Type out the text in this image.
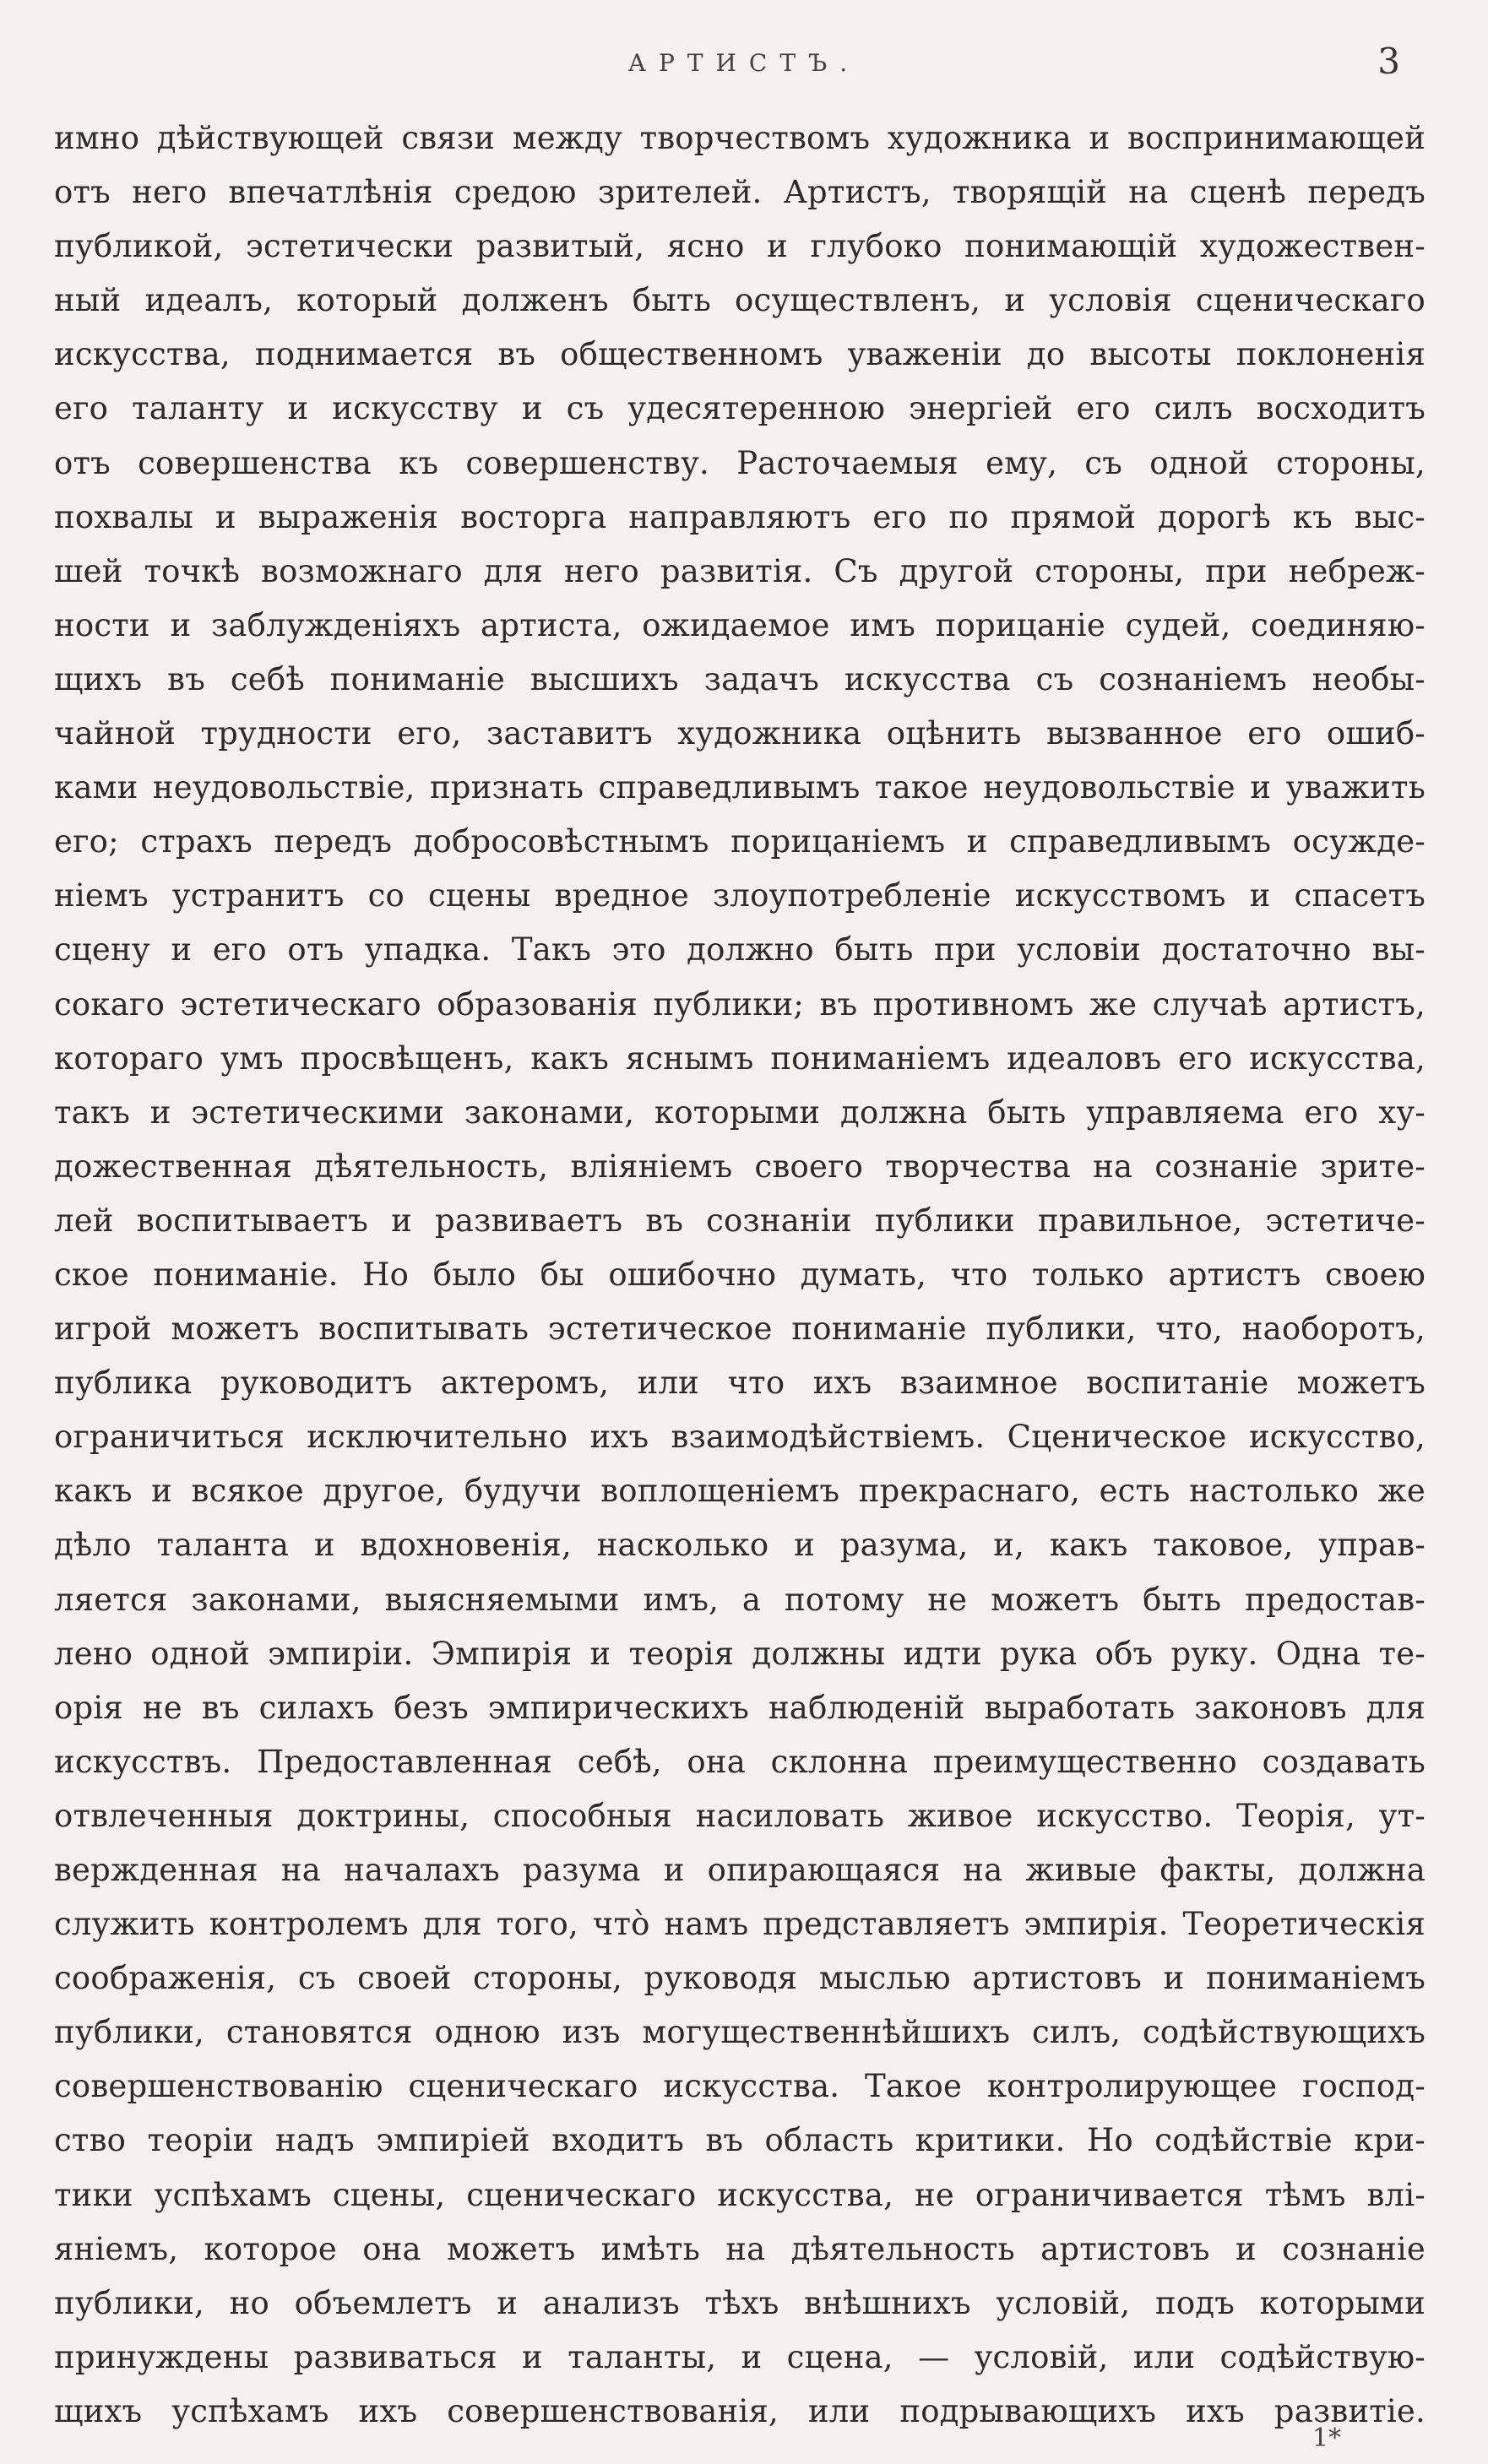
АРТИСТЪ.	3
имно дѣйствующей связи между творчествомъ художника и воспринимающей
отъ него впечатлѣнія средою зрителей. Артистъ, творящій на сценѣ передъ
публикой, эстетически развитый, ясно и глубоко понимающій художествен-
ный идеалъ, который долженъ быть осуществленъ, и условія сценическаго
искусства, поднимается въ общественномъ уваженіи до высоты поклоненія
его таланту и искусству и съ удесятеренною энергіей его силъ восходитъ
отъ совершенства къ совершенству. Расточаемыя ему, съ одной стороны,
похвалы и выраженія восторга направляютъ его по прямой дорогѣ къ выс-
шей точкѣ возможнаго для него развитія. Съ другой стороны, при небреж-
ности и заблужденіяхъ артиста, ожидаемое имъ порицаніе судей, соединяю-
щихъ въ себѣ пониманіе высшихъ задачъ искусства съ сознаніемъ необы-
чайной трудности его, заставитъ художника оцѣнить вызванное его ошиб-
ками неудовольствіе, признать справедливымъ такое неудовольствіе и уважить
его; страхъ передъ добросовѣстнымъ порицаніемъ и справедливымъ осужде-
ніемъ устранитъ со сцены вредное злоупотребленіе искусствомъ и спасетъ
сцену и его отъ упадка. Такъ это должно быть при условіи достаточно вы-
сокаго эстетическаго образованія публики; въ противномъ же случаѣ артистъ,
котораго умъ просвѣщенъ, какъ яснымъ пониманіемъ идеаловъ его искусства,
такъ и эстетическими законами, которыми должна быть управляема его ху-
дожественная дѣятельность, вліяніемъ своего творчества на сознаніе зрите-
лей воспитываетъ и развиваетъ въ сознаніи публики правильное, эстетиче-
ское пониманіе. Но было бы ошибочно думать, что только артистъ своею
игрой можетъ воспитывать эстетическое пониманіе публики, что, наоборотъ,
публика руководитъ актеромъ, или что ихъ взаимное воспитаніе можетъ
ограничиться исключительно ихъ взаимодѣйствіемъ. Сценическое искусство,
какъ и всякое другое, будучи воплощеніемъ прекраснаго, есть настолько же
дѣло таланта и вдохновенія, насколько и разума, и, какъ таковое, управ-
ляется законами, выясняемыми имъ, а потому не можетъ быть предостав-
лено одной эмпиріи. Эмпирія и теорія должны идти рука объ руку. Одна те-
орія не въ силахъ безъ эмпирическихъ наблюденій выработать законовъ для
искусствъ. Предоставленная себѣ, она склонна преимущественно создавать
отвлеченныя доктрины, способныя насиловать живое искусство. Теорія, ут-
вержденная на началахъ разума и опирающаяся на живые факты, должна
служить контролемъ для того, что̀ намъ представляетъ эмпирія. Теоретическія
соображенія, съ своей стороны, руководя мыслью артистовъ и пониманіемъ
публики, становятся одною изъ могущественнѣйшихъ силъ, содѣйствующихъ
совершенствованію сценическаго искусства. Такое контролирующее господ-
ство теоріи надъ эмпиріей входитъ въ область критики. Но содѣйствіе кри-
тики успѣхамъ сцены, сценическаго искусства, не ограничивается тѣмъ влі-
яніемъ, которое она можетъ имѣть на дѣятельность артистовъ и сознаніе
публики, но объемлетъ и анализъ тѣхъ внѣшнихъ условій, подъ которыми
принуждены развиваться и таланты, и сцена, — условій, или содѣйствую-
щихъ успѣхамъ ихъ совершенствованія, или подрывающихъ ихъ развитіе.
1*
